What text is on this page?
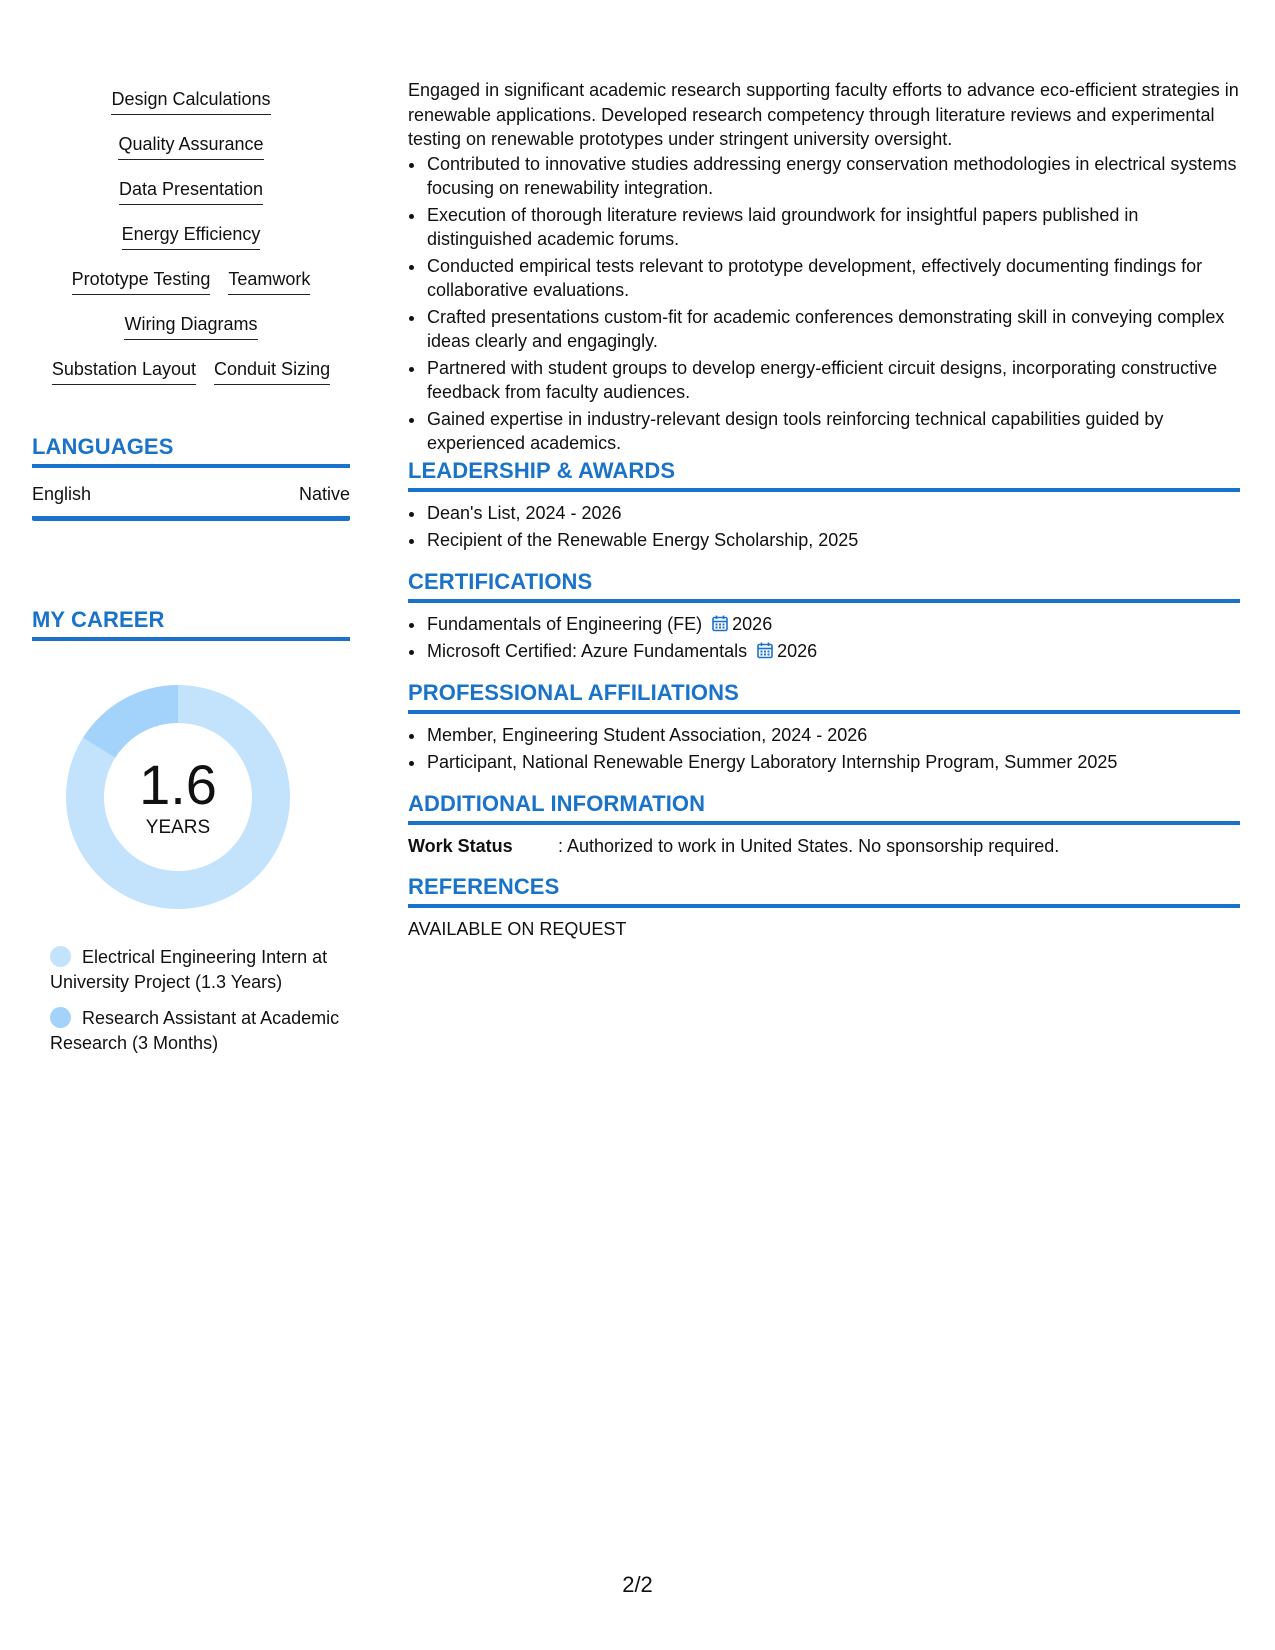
Design Calculations
Quality Assurance
Data Presentation
Energy Efficiency
Prototype Testing Teamwork
Wiring Diagrams
Substation Layout Conduit Sizing
LANGUAGES
English	Native
MY CAREER
1.6
YEARS
Electrical Engineering Intern at University Project (1.3 Years)
Research Assistant at Academic Research (3 Months)
Engaged in significant academic research supporting faculty efforts to advance eco-efficient strategies in renewable applications. Developed research competency through literature reviews and experimental testing on renewable prototypes under stringent university oversight.
• Contributed to innovative studies addressing energy conservation methodologies in electrical systems focusing on renewability integration.
• Execution of thorough literature reviews laid groundwork for insightful papers published in distinguished academic forums.
• Conducted empirical tests relevant to prototype development, effectively documenting findings for collaborative evaluations.
• Crafted presentations custom-fit for academic conferences demonstrating skill in conveying complex ideas clearly and engagingly.
• Partnered with student groups to develop energy-efficient circuit designs, incorporating constructive feedback from faculty audiences.
• Gained expertise in industry-relevant design tools reinforcing technical capabilities guided by experienced academics.
LEADERSHIP & AWARDS
• Dean's List, 2024 - 2026
• Recipient of the Renewable Energy Scholarship, 2025
CERTIFICATIONS
• Fundamentals of Engineering (FE) 2026
• Microsoft Certified: Azure Fundamentals 2026
PROFESSIONAL AFFILIATIONS
• Member, Engineering Student Association, 2024 - 2026
• Participant, National Renewable Energy Laboratory Internship Program, Summer 2025
ADDITIONAL INFORMATION
Work Status	: Authorized to work in United States. No sponsorship required.
REFERENCES
AVAILABLE ON REQUEST
2/2
